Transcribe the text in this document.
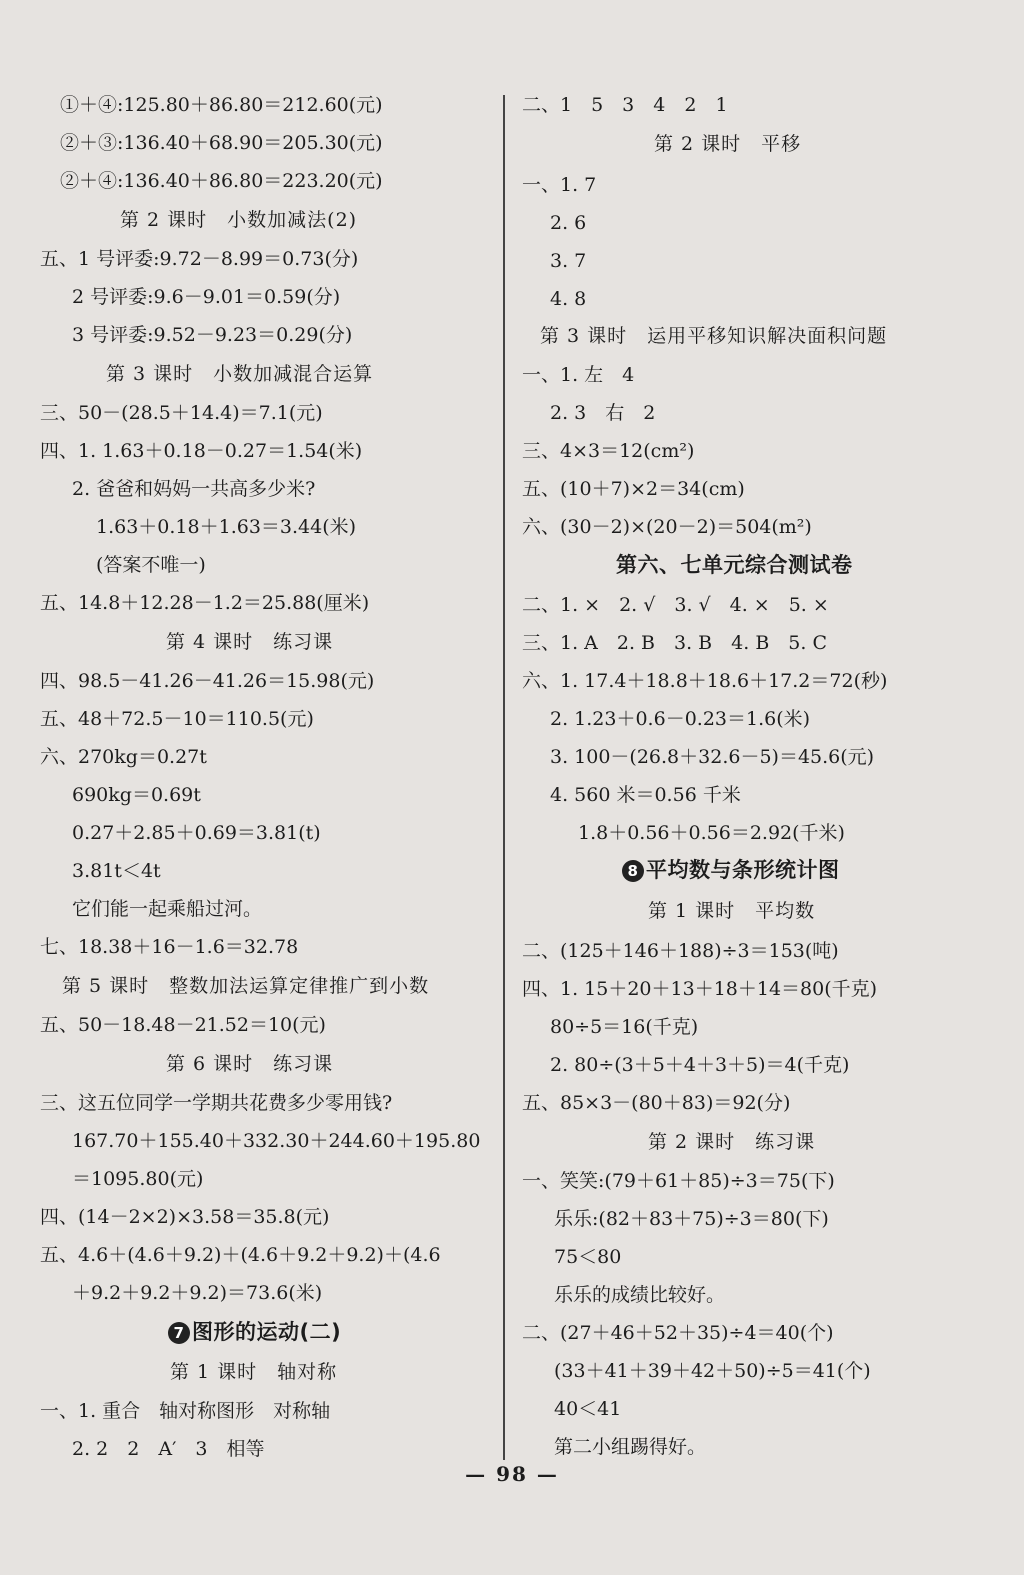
①＋④:125.80＋86.80＝212.60(元)
②＋③:136.40＋68.90＝205.30(元)
②＋④:136.40＋86.80＝223.20(元)
第 2 课时　小数加减法(2)
五、1 号评委:9.72－8.99＝0.73(分)
2 号评委:9.6－9.01＝0.59(分)
3 号评委:9.52－9.23＝0.29(分)
第 3 课时　小数加减混合运算
三、50－(28.5＋14.4)＝7.1(元)
四、1. 1.63＋0.18－0.27＝1.54(米)
2. 爸爸和妈妈一共高多少米?
1.63＋0.18＋1.63＝3.44(米)
(答案不唯一)
五、14.8＋12.28－1.2＝25.88(厘米)
第 4 课时　练习课
四、98.5－41.26－41.26＝15.98(元)
五、48＋72.5－10＝110.5(元)
六、270kg＝0.27t
690kg＝0.69t
0.27＋2.85＋0.69＝3.81(t)
3.81t＜4t
它们能一起乘船过河。
七、18.38＋16－1.6＝32.78
第 5 课时　整数加法运算定律推广到小数
五、50－18.48－21.52＝10(元)
第 6 课时　练习课
三、这五位同学一学期共花费多少零用钱?
167.70＋155.40＋332.30＋244.60＋195.80
＝1095.80(元)
四、(14－2×2)×3.58＝35.8(元)
五、4.6＋(4.6＋9.2)＋(4.6＋9.2＋9.2)＋(4.6
＋9.2＋9.2＋9.2)＝73.6(米)
7 图形的运动(二)
第 1 课时　轴对称
一、1. 重合　轴对称图形　对称轴
2. 2　2　A′　3　相等
二、1　5　3　4　2　1
第 2 课时　平移
一、1. 7
2. 6
3. 7
4. 8
第 3 课时　运用平移知识解决面积问题
一、1. 左　4
2. 3　右　2
三、4×3＝12(cm²)
五、(10＋7)×2＝34(cm)
六、(30－2)×(20－2)＝504(m²)
第六、七单元综合测试卷
二、1. ×　2. √　3. √　4. ×　5. ×
三、1. A　2. B　3. B　4. B　5. C
六、1. 17.4＋18.8＋18.6＋17.2＝72(秒)
2. 1.23＋0.6－0.23＝1.6(米)
3. 100－(26.8＋32.6－5)＝45.6(元)
4. 560 米＝0.56 千米
1.8＋0.56＋0.56＝2.92(千米)
8 平均数与条形统计图
第 1 课时　平均数
二、(125＋146＋188)÷3＝153(吨)
四、1. 15＋20＋13＋18＋14＝80(千克)
80÷5＝16(千克)
2. 80÷(3＋5＋4＋3＋5)＝4(千克)
五、85×3－(80＋83)＝92(分)
第 2 课时　练习课
一、笑笑:(79＋61＋85)÷3＝75(下)
乐乐:(82＋83＋75)÷3＝80(下)
75＜80
乐乐的成绩比较好。
二、(27＋46＋52＋35)÷4＝40(个)
(33＋41＋39＋42＋50)÷5＝41(个)
40＜41
第二小组踢得好。
— 98 —
